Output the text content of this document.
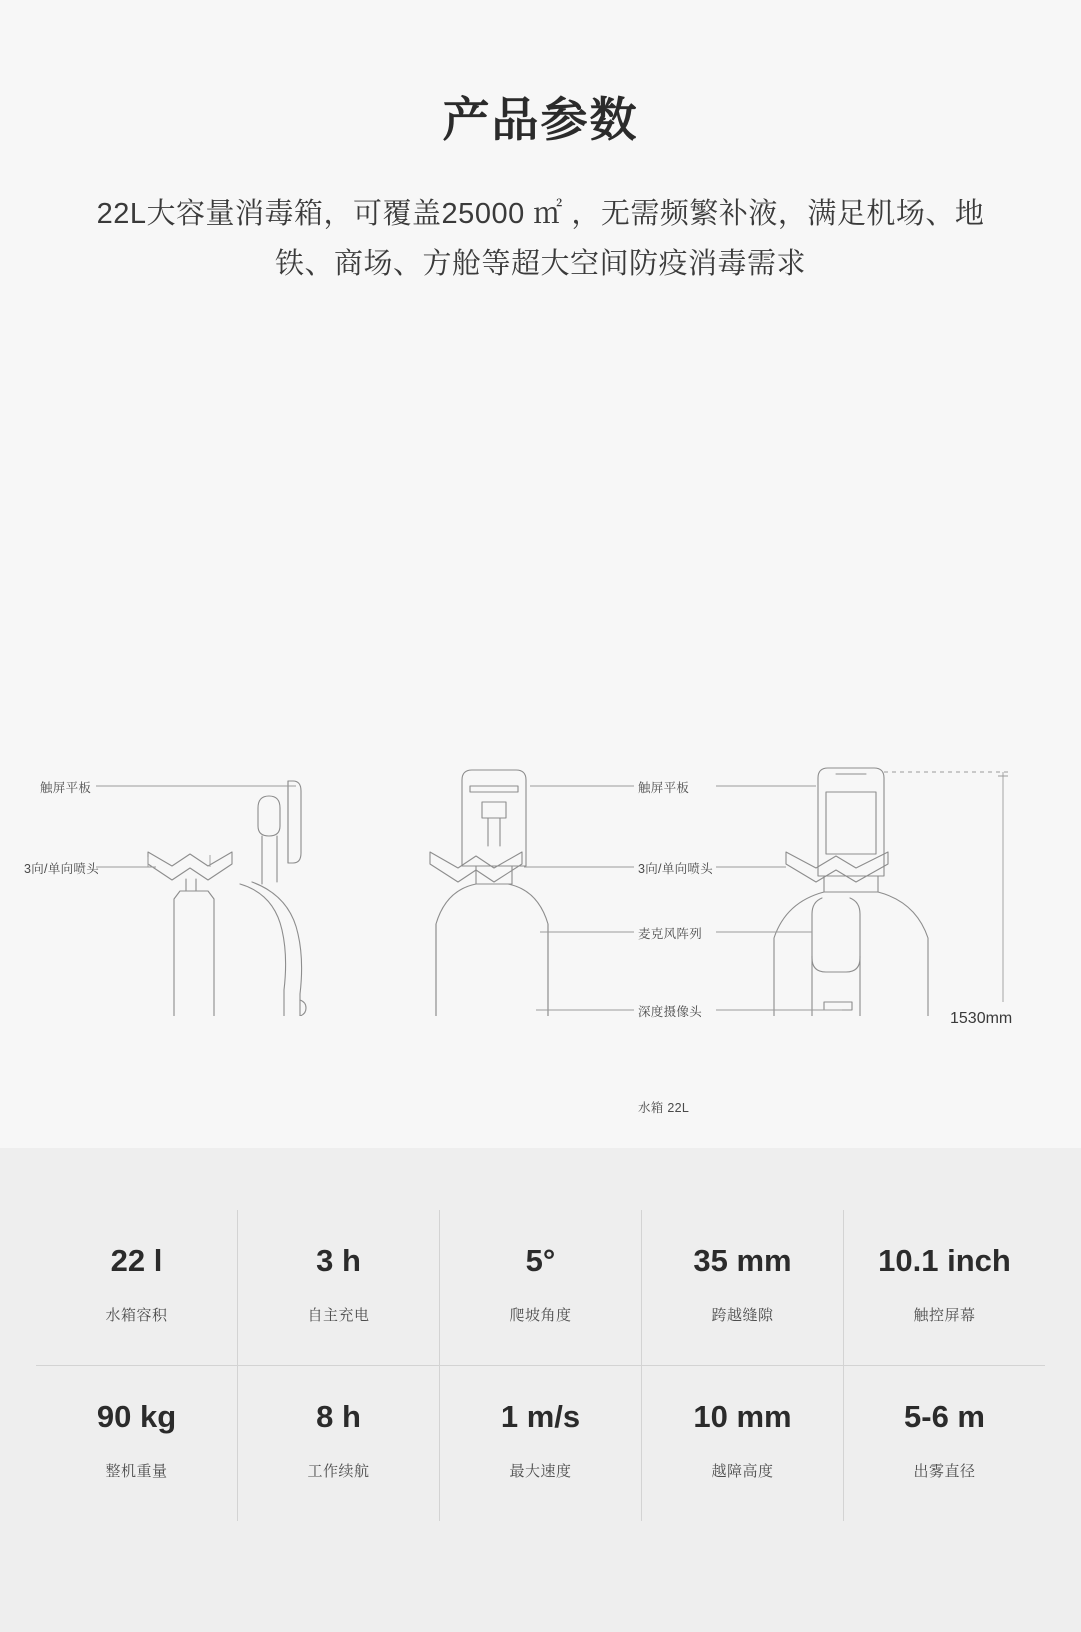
产品参数
22L大容量消毒箱，可覆盖25000 ㎡ ，无需频繁补液，满足机场、地铁、商场、方舱等超大空间防疫消毒需求
触屏平板
3向/单向喷头
触屏平板
3向/单向喷头
麦克风阵列
深度摄像头
水箱 22L
1530mm
22 l
水箱容积
3 h
自主充电
5°
爬坡角度
35 mm
跨越缝隙
10.1 inch
触控屏幕
90 kg
整机重量
8 h
工作续航
1 m/s
最大速度
10 mm
越障高度
5-6 m
出雾直径
